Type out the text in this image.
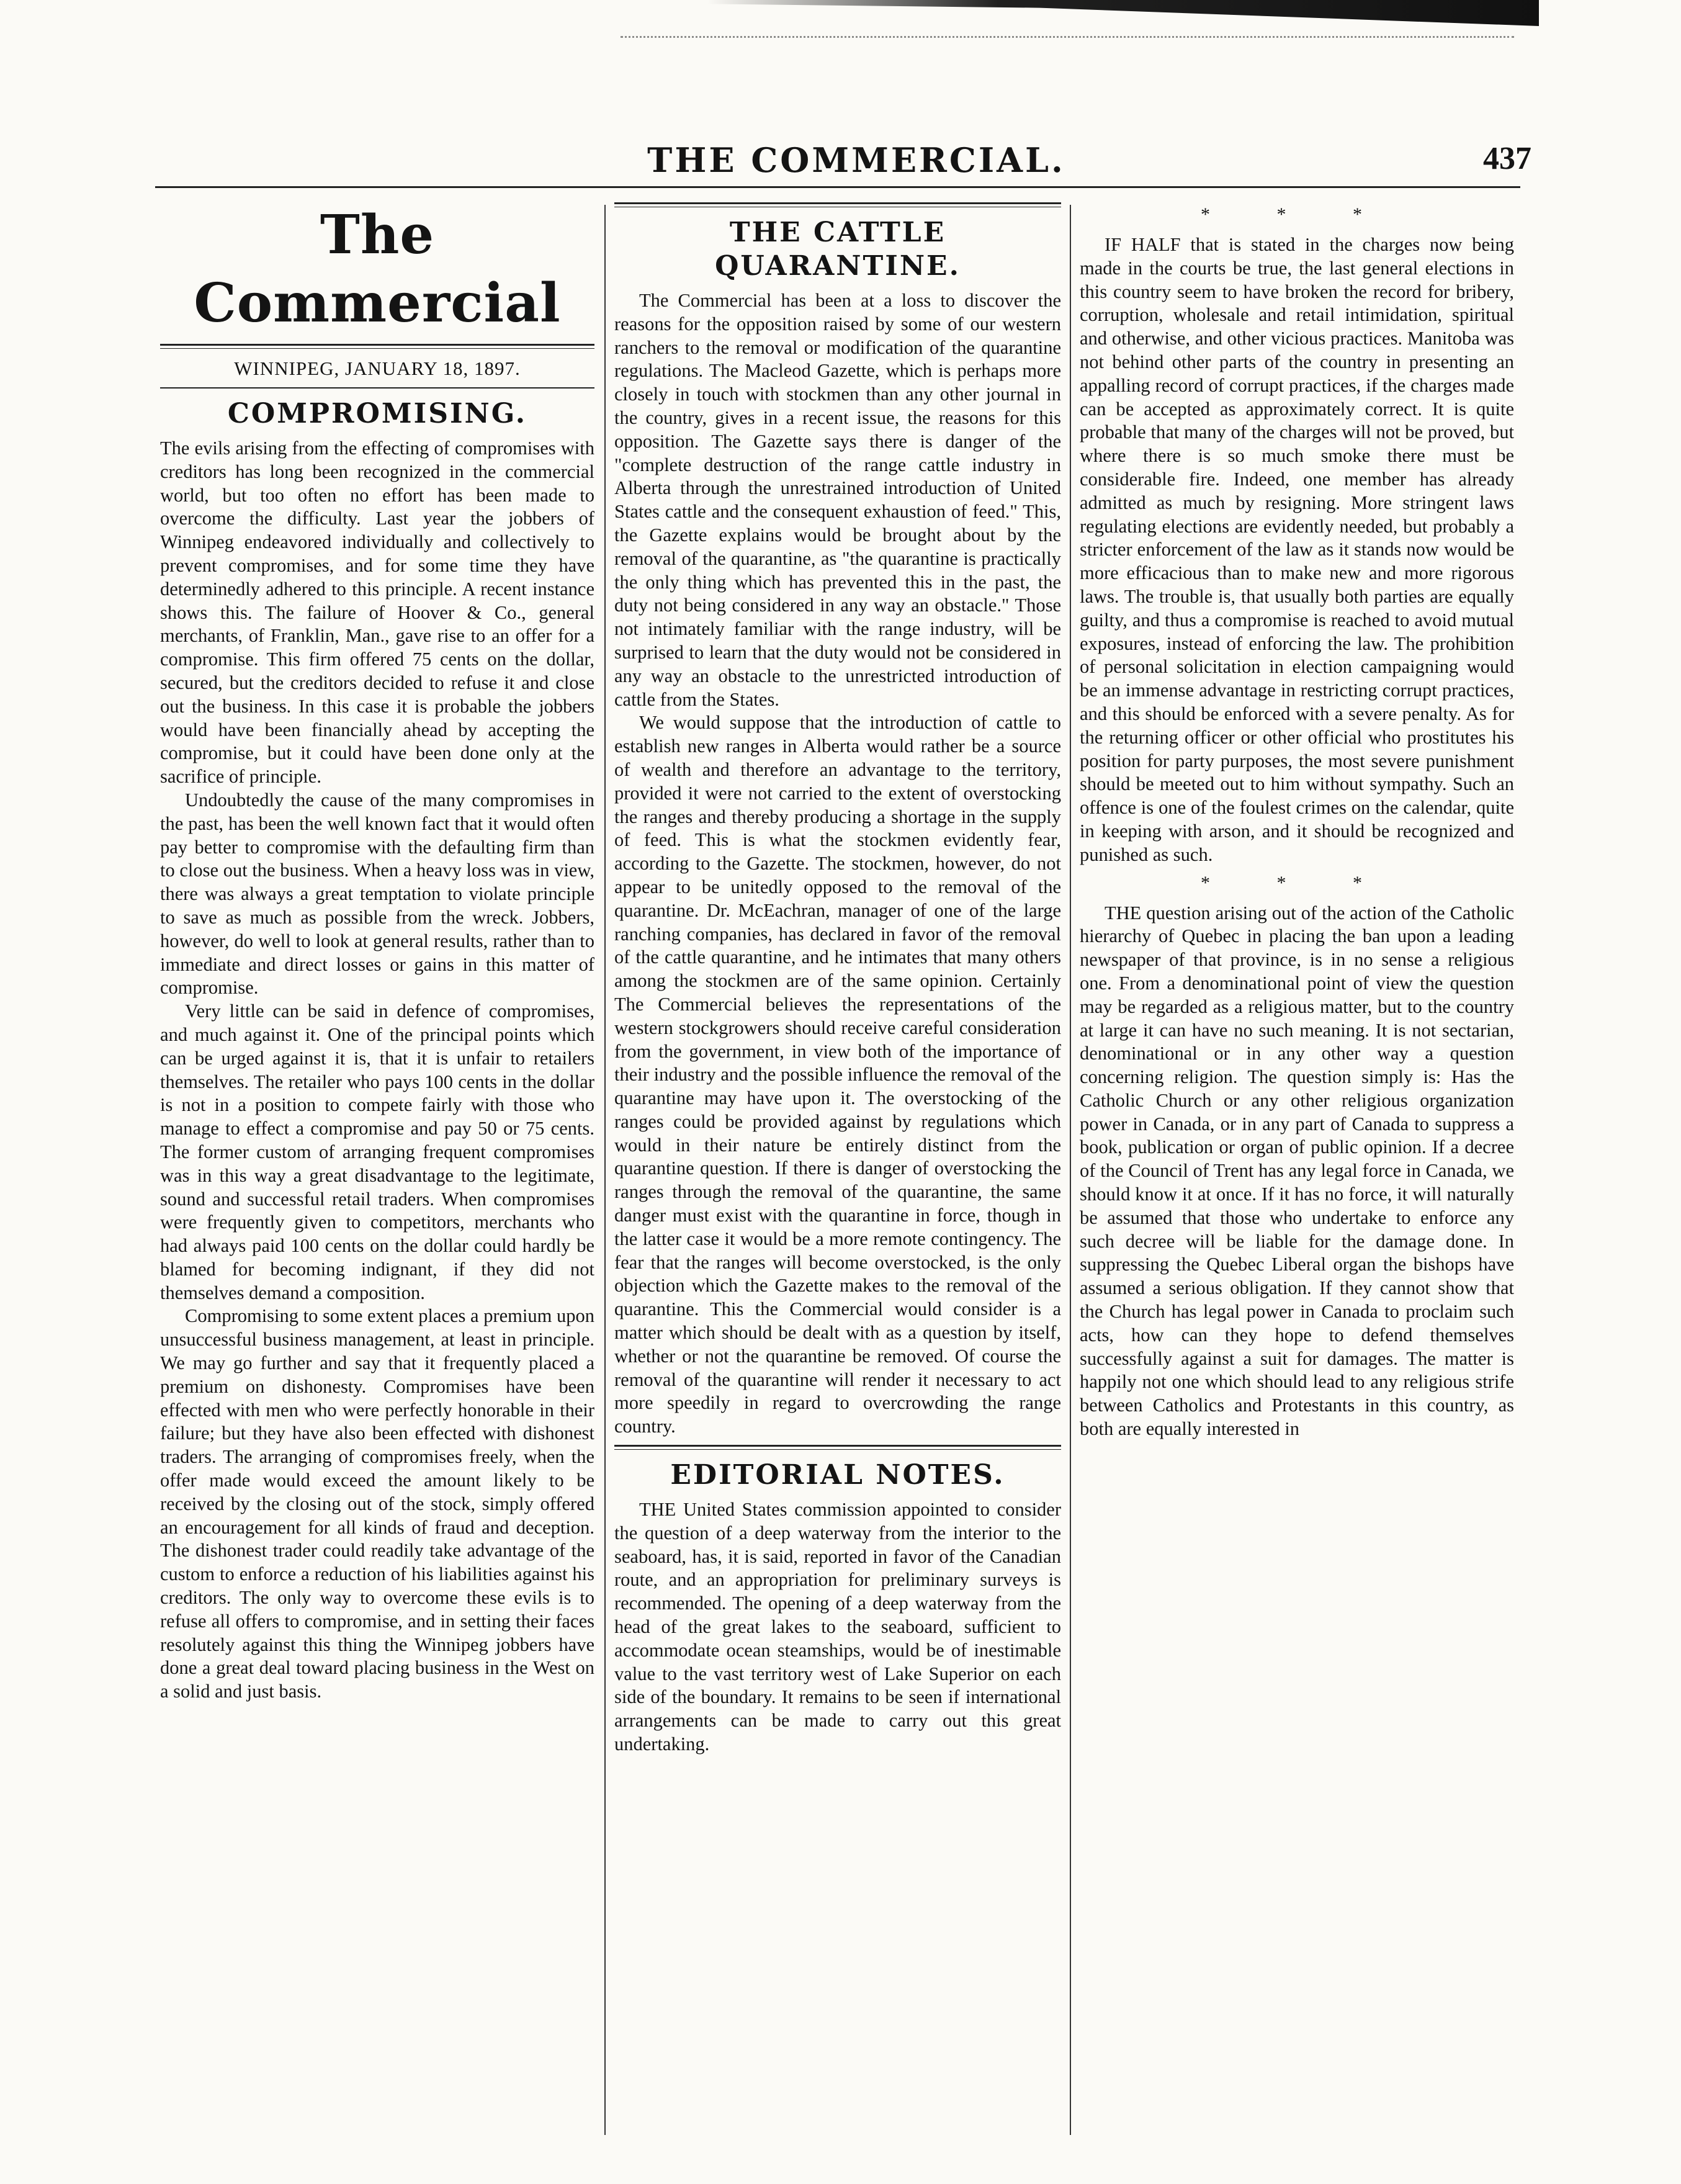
THE COMMERCIAL.	437
The Commercial
WINNIPEG, JANUARY 18, 1897.
COMPROMISING.

The evils arising from the effecting of compromises with creditors has long been recognized in the commercial world, but too often no effort has been made to overcome the difficulty. Last year the jobbers of Winnipeg endeavored individually and collectively to prevent compromises, and for some time they have determinedly adhered to this principle. A recent instance shows this. The failure of Hoover & Co., general merchants, of Franklin, Man., gave rise to an offer for a compromise. This firm offered 75 cents on the dollar, secured, but the creditors decided to refuse it and close out the business. In this case it is probable the jobbers would have been financially ahead by accepting the compromise, but it could have been done only at the sacrifice of principle.

Undoubtedly the cause of the many compromises in the past, has been the well known fact that it would often pay better to compromise with the defaulting firm than to close out the business. When a heavy loss was in view, there was always a great temptation to violate principle to save as much as possible from the wreck. Jobbers, however, do well to look at general results, rather than to immediate and direct losses or gains in this matter of compromise.

Very little can be said in defence of compromises, and much against it. One of the principal points which can be urged against it is, that it is unfair to retailers themselves. The retailer who pays 100 cents in the dollar is not in a position to compete fairly with those who manage to effect a compromise and pay 50 or 75 cents. The former custom of arranging frequent compromises was in this way a great disadvantage to the legitimate, sound and successful retail traders. When compromises were frequently given to competitors, merchants who had always paid 100 cents on the dollar could hardly be blamed for becoming indignant, if they did not themselves demand a composition.

Compromising to some extent places a premium upon unsuccessful business management, at least in principle. We may go further and say that it frequently placed a premium on dishonesty. Compromises have been effected with men who were perfectly honorable in their failure; but they have also been effected with dishonest traders. The arranging of compromises freely, when the offer made would exceed the amount likely to be received by the closing out of the stock, simply offered an encouragement for all kinds of fraud and deception. The dishonest trader could readily take advantage of the custom to enforce a reduction of his liabilities against his creditors. The only way to overcome these evils is to refuse all offers to compromise, and in setting their faces resolutely against this thing the Winnipeg jobbers have done a great deal toward placing business in the West on a solid and just basis.

THE CATTLE QUARANTINE.

The Commercial has been at a loss to discover the reasons for the opposition raised by some of our western ranchers to the removal or modification of the quarantine regulations. The Macleod Gazette, which is perhaps more closely in touch with stockmen than any other journal in the country, gives in a recent issue, the reasons for this opposition. The Gazette says there is danger of the "complete destruction of the range cattle industry in Alberta through the unrestrained introduction of United States cattle and the consequent exhaustion of feed." This, the Gazette explains would be brought about by the removal of the quarantine, as "the quarantine is practically the only thing which has prevented this in the past, the duty not being considered in any way an obstacle." Those not intimately familiar with the range industry, will be surprised to learn that the duty would not be considered in any way an obstacle to the unrestricted introduction of cattle from the States.

We would suppose that the introduction of cattle to establish new ranges in Alberta would rather be a source of wealth and therefore an advantage to the territory, provided it were not carried to the extent of overstocking the ranges and thereby producing a shortage in the supply of feed. This is what the stockmen evidently fear, according to the Gazette. The stockmen, however, do not appear to be unitedly opposed to the removal of the quarantine. Dr. McEachran, manager of one of the large ranching companies, has declared in favor of the removal of the cattle quarantine, and he intimates that many others among the stockmen are of the same opinion. Certainly The Commercial believes the representations of the western stockgrowers should receive careful consideration from the government, in view both of the importance of their industry and the possible influence the removal of the quarantine may have upon it. The overstocking of the ranges could be provided against by regulations which would in their nature be entirely distinct from the quarantine question. If there is danger of overstocking the ranges through the removal of the quarantine, the same danger must exist with the quarantine in force, though in the latter case it would be a more remote contingency. The fear that the ranges will become overstocked, is the only objection which the Gazette makes to the removal of the quarantine. This the Commercial would consider is a matter which should be dealt with as a question by itself, whether or not the quarantine be removed. Of course the removal of the quarantine will render it necessary to act more speedily in regard to overcrowding the range country.

EDITORIAL NOTES.

THE United States commission appointed to consider the question of a deep waterway from the interior to the seaboard, has, it is said, reported in favor of the Canadian route, and an appropriation for preliminary surveys is recommended. The opening of a deep waterway from the head of the great lakes to the seaboard, sufficient to accommodate ocean steamships, would be of inestimable value to the vast territory west of Lake Superior on each side of the boundary. It remains to be seen if international arrangements can be made to carry out this great undertaking.

* * *

IF HALF that is stated in the charges now being made in the courts be true, the last general elections in this country seem to have broken the record for bribery, corruption, wholesale and retail intimidation, spiritual and otherwise, and other vicious practices. Manitoba was not behind other parts of the country in presenting an appalling record of corrupt practices, if the charges made can be accepted as approximately correct. It is quite probable that many of the charges will not be proved, but where there is so much smoke there must be considerable fire. Indeed, one member has already admitted as much by resigning. More stringent laws regulating elections are evidently needed, but probably a stricter enforcement of the law as it stands now would be more efficacious than to make new and more rigorous laws. The trouble is, that usually both parties are equally guilty, and thus a compromise is reached to avoid mutual exposures, instead of enforcing the law. The prohibition of personal solicitation in election campaigning would be an immense advantage in restricting corrupt practices, and this should be enforced with a severe penalty. As for the returning officer or other official who prostitutes his position for party purposes, the most severe punishment should be meeted out to him without sympathy. Such an offence is one of the foulest crimes on the calendar, quite in keeping with arson, and it should be recognized and punished as such.

* * *

THE question arising out of the action of the Catholic hierarchy of Quebec in placing the ban upon a leading newspaper of that province, is in no sense a religious one. From a denominational point of view the question may be regarded as a religious matter, but to the country at large it can have no such meaning. It is not sectarian, denominational or in any other way a question concerning religion. The question simply is: Has the Catholic Church or any other religious organization power in Canada, or in any part of Canada to suppress a book, publication or organ of public opinion. If a decree of the Council of Trent has any legal force in Canada, we should know it at once. If it has no force, it will naturally be assumed that those who undertake to enforce any such decree will be liable for the damage done. In suppressing the Quebec Liberal organ the bishops have assumed a serious obligation. If they cannot show that the Church has legal power in Canada to proclaim such acts, how can they hope to defend themselves successfully against a suit for damages. The matter is happily not one which should lead to any religious strife between Catholics and Protestants in this country, as both are equally interested in
